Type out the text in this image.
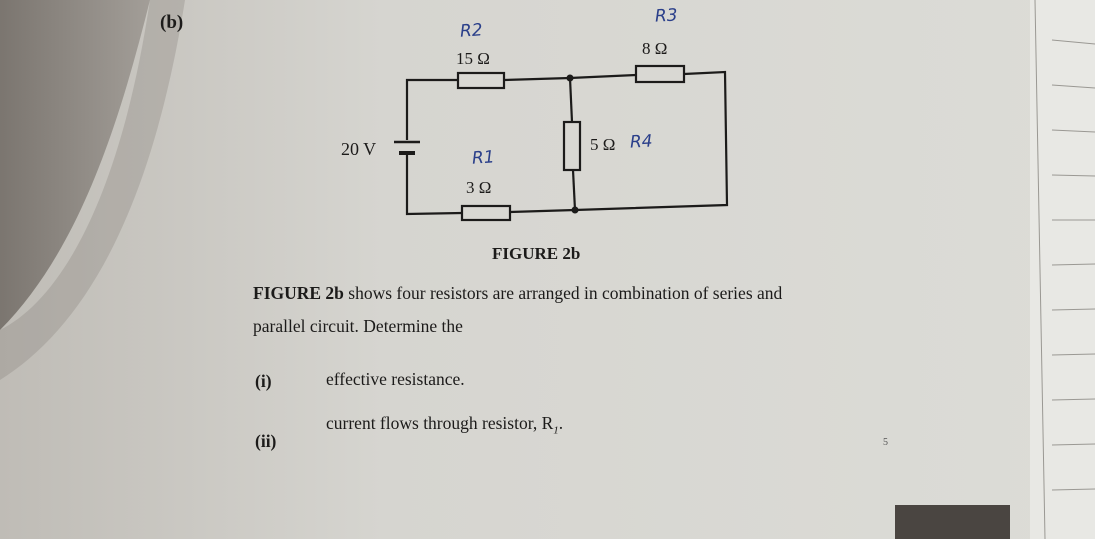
(b)
15 Ω
R2
8 Ω
R3
5 Ω R4
3 Ω
R1
20 V
FIGURE 2b
FIGURE 2b shows four resistors are arranged in combination of series and
parallel circuit. Determine the
(i)	effective resistance.
(ii)
current flows through resistor, $R_1$.
5
